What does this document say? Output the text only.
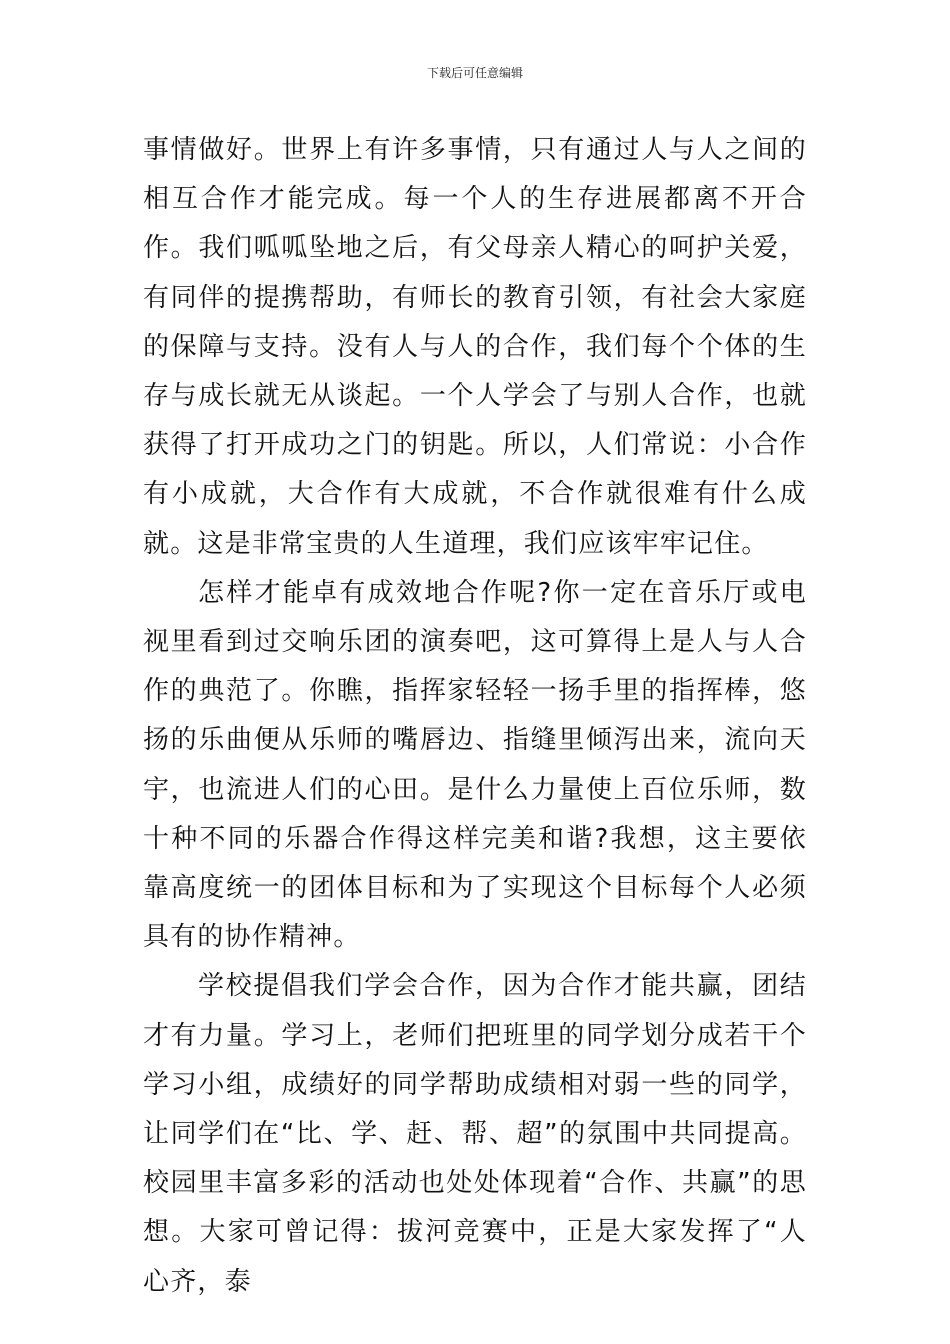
下载后可任意编辑

事情做好。世界上有许多事情，只有通过人与人之间的相互合作才能完成。每一个人的生存进展都离不开合作。我们呱呱坠地之后，有父母亲人精心的呵护关爱，有同伴的提携帮助，有师长的教育引领，有社会大家庭的保障与支持。没有人与人的合作，我们每个个体的生存与成长就无从谈起。一个人学会了与别人合作，也就获得了打开成功之门的钥匙。所以，人们常说：小合作有小成就，大合作有大成就，不合作就很难有什么成就。这是非常宝贵的人生道理，我们应该牢牢记住。

怎样才能卓有成效地合作呢?你一定在音乐厅或电视里看到过交响乐团的演奏吧，这可算得上是人与人合作的典范了。你瞧，指挥家轻轻一扬手里的指挥棒，悠扬的乐曲便从乐师的嘴唇边、指缝里倾泻出来，流向天宇，也流进人们的心田。是什么力量使上百位乐师，数十种不同的乐器合作得这样完美和谐?我想，这主要依靠高度统一的团体目标和为了实现这个目标每个人必须具有的协作精神。

学校提倡我们学会合作，因为合作才能共赢，团结才有力量。学习上，老师们把班里的同学划分成若干个学习小组，成绩好的同学帮助成绩相对弱一些的同学，让同学们在“比、学、赶、帮、超”的氛围中共同提高。校园里丰富多彩的活动也处处体现着“合作、共赢”的思想。大家可曾记得：拔河竞赛中，正是大家发挥了“人心齐，泰
